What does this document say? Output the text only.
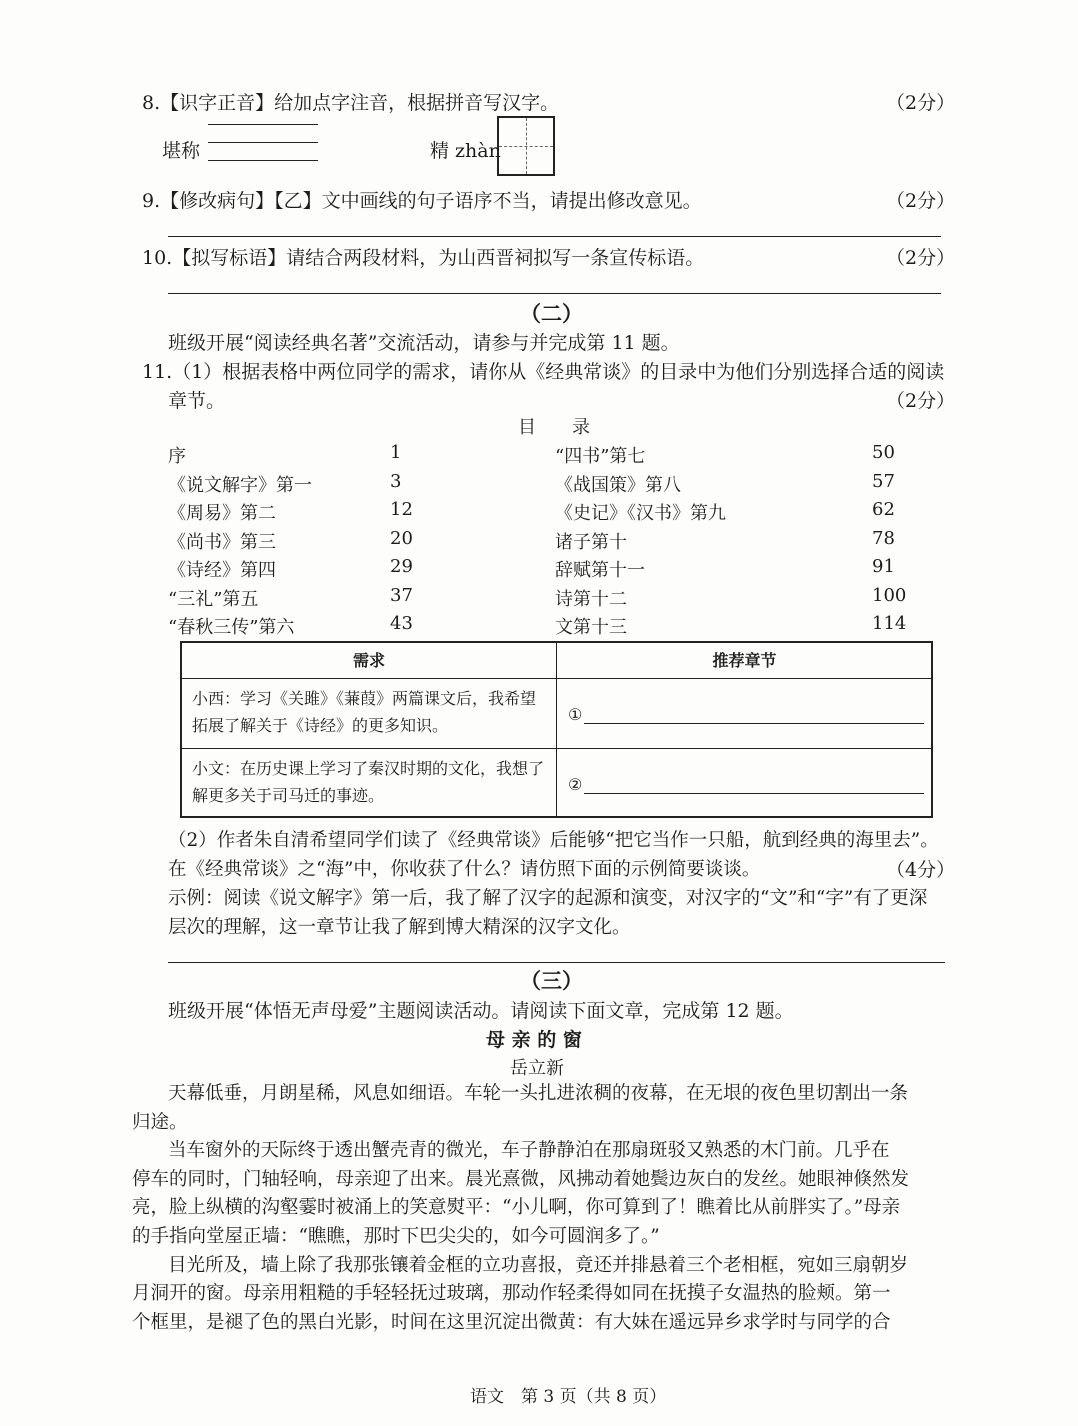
8.【识字正音】给加点字注音，根据拼音写汉字。	（2分）
堪称	精 zhàn
9.【修改病句】【乙】文中画线的句子语序不当，请提出修改意见。	（2分）
10.【拟写标语】请结合两段材料，为山西晋祠拟写一条宣传标语。	（2分）
（二）
班级开展“阅读经典名著”交流活动，请参与并完成第 11 题。
11.（1）根据表格中两位同学的需求，请你从《经典常谈》的目录中为他们分别选择合适的阅读
章节。	（2分）
目　　录
序	1
《说文解字》第一	3
《周易》第二	12
《尚书》第三	20
《诗经》第四	29
“三礼”第五	37
“春秋三传”第六	43
“四书”第七	50
《战国策》第八	57
《史记》《汉书》第九	62
诸子第十	78
辞赋第十一	91
诗第十二	100
文第十三	114
需求	推荐章节
小西：学习《关雎》《蒹葭》两篇课文后，我希望拓展了解关于《诗经》的更多知识。
①
小文：在历史课上学习了秦汉时期的文化，我想了解更多关于司马迁的事迹。
②
（2）作者朱自清希望同学们读了《经典常谈》后能够“把它当作一只船，航到经典的海里去”。
在《经典常谈》之“海”中，你收获了什么？请仿照下面的示例简要谈谈。	（4分）
示例：阅读《说文解字》第一后，我了解了汉字的起源和演变，对汉字的“文”和“字”有了更深
层次的理解，这一章节让我了解到博大精深的汉字文化。
（三）
班级开展“体悟无声母爱”主题阅读活动。请阅读下面文章，完成第 12 题。
母 亲 的 窗
岳立新

天幕低垂，月朗星稀，风息如细语。车轮一头扎进浓稠的夜幕，在无垠的夜色里切割出一条

归途。

当车窗外的天际终于透出蟹壳青的微光，车子静静泊在那扇斑驳又熟悉的木门前。几乎在

停车的同时，门轴轻响，母亲迎了出来。晨光熹微，风拂动着她鬓边灰白的发丝。她眼神倏然发

亮，脸上纵横的沟壑霎时被涌上的笑意熨平：“小儿啊，你可算到了！瞧着比从前胖实了。”母亲

的手指向堂屋正墙：“瞧瞧，那时下巴尖尖的，如今可圆润多了。”

目光所及，墙上除了我那张镶着金框的立功喜报，竟还并排悬着三个老相框，宛如三扇朝岁

月洞开的窗。母亲用粗糙的手轻轻抚过玻璃，那动作轻柔得如同在抚摸子女温热的脸颊。第一

个框里，是褪了色的黑白光影，时间在这里沉淀出微黄：有大妹在遥远异乡求学时与同学的合

语文　第 3 页（共 8 页）
